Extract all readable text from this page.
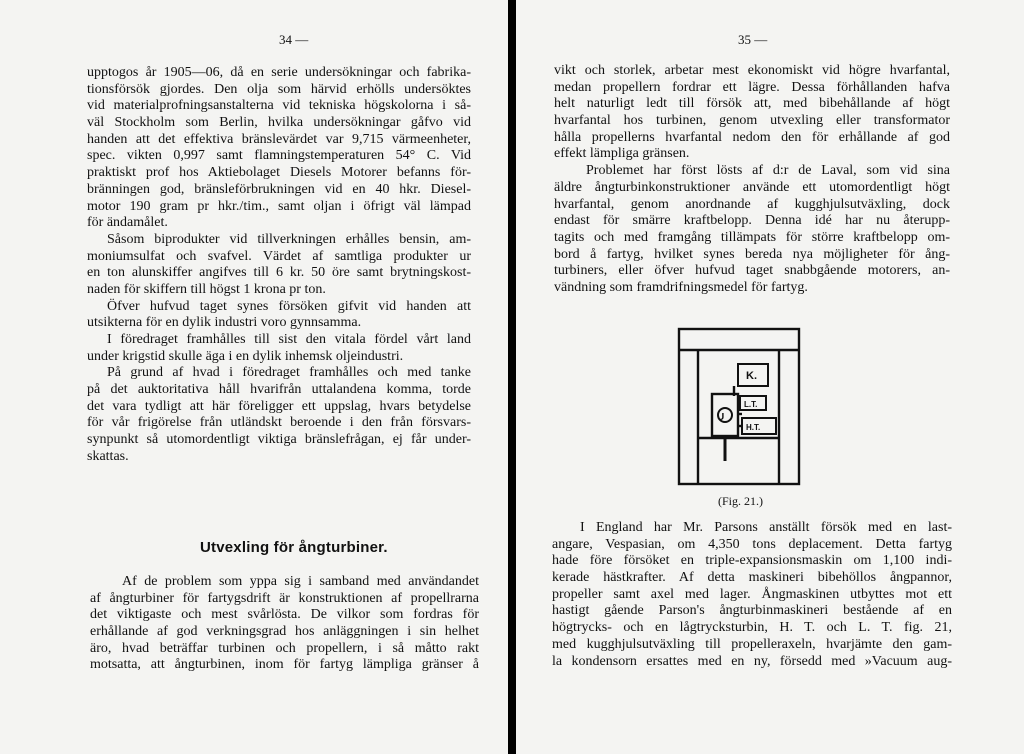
34 —
upptogos år 1905—06, då en serie undersökningar och fabrika-
tionsförsök gjordes. Den olja som härvid erhölls undersöktes
vid materialprofningsanstalterna vid tekniska högskolorna i så-
väl Stockholm som Berlin, hvilka undersökningar gåfvo vid
handen att det effektiva bränslevärdet var 9,715 värmeenheter,
spec. vikten 0,997 samt flamningstemperaturen 54° C. Vid
praktiskt prof hos Aktiebolaget Diesels Motorer befanns för-
bränningen god, bränsleförbrukningen vid en 40 hkr. Diesel-
motor 190 gram pr hkr./tim., samt oljan i öfrigt väl lämpad
för ändamålet.
Såsom biprodukter vid tillverkningen erhålles bensin, am-
moniumsulfat och svafvel. Värdet af samtliga produkter ur
en ton alunskiffer angifves till 6 kr. 50 öre samt brytningskost-
naden för skiffern till högst 1 krona pr ton.
Öfver hufvud taget synes försöken gifvit vid handen att
utsikterna för en dylik industri voro gynnsamma.
I föredraget framhålles till sist den vitala fördel vårt land
under krigstid skulle äga i en dylik inhemsk oljeindustri.
På grund af hvad i föredraget framhålles och med tanke
på det auktoritativa håll hvarifrån uttalandena komma, torde
det vara tydligt att här föreligger ett uppslag, hvars betydelse
för vår frigörelse från utländskt beroende i den från försvars-
synpunkt så utomordentligt viktiga bränslefrågan, ej får under-
skattas.
Utvexling för ångturbiner.
Af de problem som yppa sig i samband med användandet
af ångturbiner för fartygsdrift är konstruktionen af propellrarna
det viktigaste och mest svårlösta. De vilkor som fordras för
erhållande af god verkningsgrad hos anläggningen i sin helhet
äro, hvad beträffar turbinen och propellern, i så måtto rakt
motsatta, att ångturbinen, inom för fartyg lämpliga gränser å
35 —
vikt och storlek, arbetar mest ekonomiskt vid högre hvarfantal,
medan propellern fordrar ett lägre. Dessa förhållanden hafva
helt naturligt ledt till försök att, med bibehållande af högt
hvarfantal hos turbinen, genom utvexling eller transformator
hålla propellerns hvarfantal nedom den för erhållande af god
effekt lämpliga gränsen.
Problemet har först lösts af d:r de Laval, som vid sina
äldre ångturbinkonstruktioner använde ett utomordentligt högt
hvarfantal, genom anordnande af kugghjulsutväxling, dock
endast för smärre kraftbelopp. Denna idé har nu återupp-
tagits och med framgång tillämpats för större kraftbelopp om-
bord å fartyg, hvilket synes bereda nya möjligheter för ång-
turbiners, eller öfver hufvud taget snabbgående motorers, an-
vändning som framdrifningsmedel för fartyg.
I England har Mr. Parsons anställt försök med en last-
angare, Vespasian, om 4,350 tons deplacement. Detta fartyg
hade före försöket en triple-expansionsmaskin om 1,100 indi-
kerade hästkrafter. Af detta maskineri bibehöllos ångpannor,
propeller samt axel med lager. Ångmaskinen utbyttes mot ett
hastigt gående Parson's ångturbinmaskineri bestående af en
högtrycks- och en lågtrycksturbin, H. T. och L. T. fig. 21,
med kugghjulsutväxling till propelleraxeln, hvarjämte den gam-
la kondensorn ersattes med en ny, försedd med »Vacuum aug-
(Fig. 21.)
K.
U
L.T.
H.T.
